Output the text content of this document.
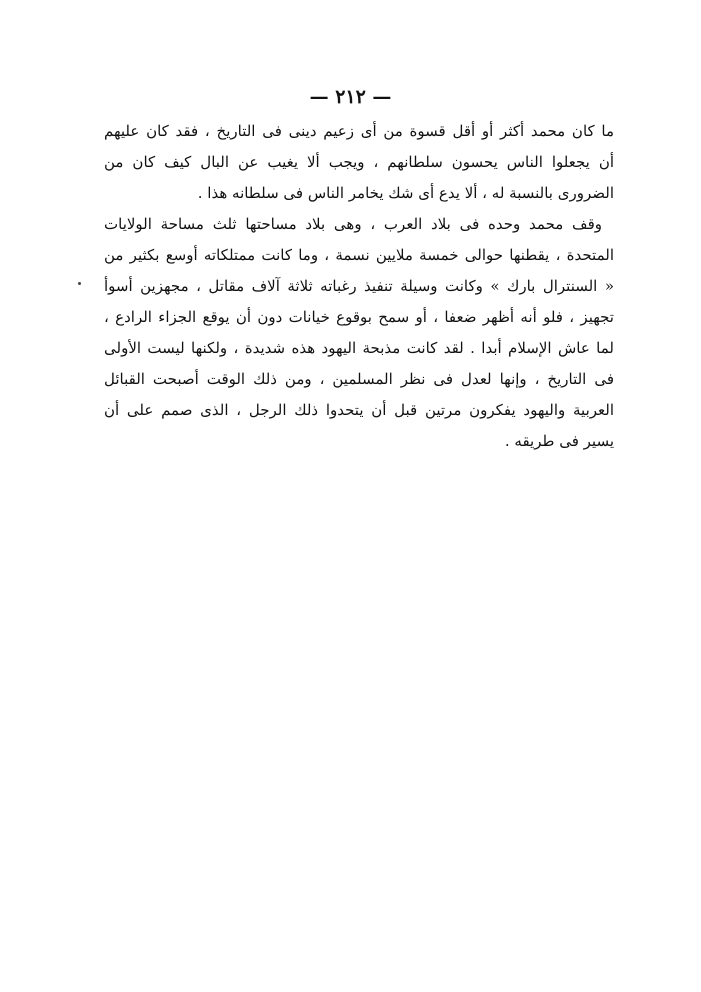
— ٢١٢ —
ما كان محمد أكثر أو أقل قسوة من أى زعيم دينى فى التاريخ ، فقد كان عليهم
أن يجعلوا الناس يحسون سلطانهم ، ويجب ألا يغيب عن البال كيف كان من
الضرورى بالنسبة له ، ألا يدع أى شك يخامر الناس فى سلطانه هذا .
وقف محمد وحده فى بلاد العرب ، وهى بلاد مساحتها ثلث مساحة الولايات
المتحدة ، يقطنها حوالى خمسة ملايين نسمة ، وما كانت ممتلكاته أوسع بكثير من
« السنترال بارك » وكانت وسيلة تنفيذ رغباته ثلاثة آلاف مقاتل ، مجهزين أسوأ
تجهيز ، فلو أنه أظهر ضعفا ، أو سمح بوقوع خيانات دون أن يوقع الجزاء الرادع ،
لما عاش الإسلام أبدا . لقد كانت مذبحة اليهود هذه شديدة ، ولكنها ليست الأولى
فى التاريخ ، وإنها لعدل فى نظر المسلمين ، ومن ذلك الوقت أصبحت القبائل
العربية واليهود يفكرون مرتين قبل أن يتحدوا ذلك الرجل ، الذى صمم على أن
يسير فى طريقه .
